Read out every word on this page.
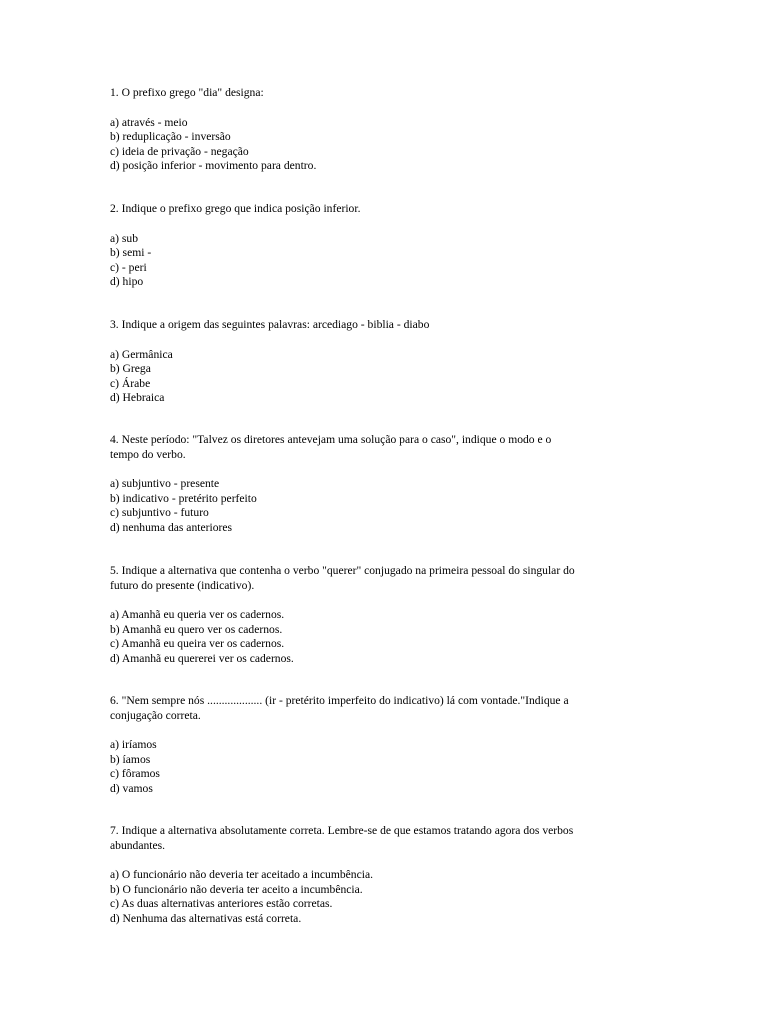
1. O prefixo grego "dia" designa:

a) através - meio
b) reduplicação - inversão
c) ideia de privação - negação
d) posição inferior - movimento para dentro.

2. Indique o prefixo grego que indica posição inferior.

a) sub
b) semi -
c) - peri
d) hipo

3. Indique a origem das seguintes palavras: arcediago - biblia - diabo

a) Germânica
b) Grega
c) Árabe
d) Hebraica

4. Neste período: "Talvez os diretores antevejam uma solução para o caso", indique o modo e o tempo do verbo.

a) subjuntivo - presente
b) indicativo - pretérito perfeito
c) subjuntivo - futuro
d) nenhuma das anteriores

5. Indique a alternativa que contenha o verbo "querer" conjugado na primeira pessoal do singular do futuro do presente (indicativo).

a) Amanhã eu queria ver os cadernos.
b) Amanhã eu quero ver os cadernos.
c) Amanhã eu queira ver os cadernos.
d) Amanhã eu quererei ver os cadernos.

6. "Nem sempre nós ................... (ir - pretérito imperfeito do indicativo) lá com vontade."Indique a conjugação correta.

a) iríamos
b) íamos
c) fôramos
d) vamos

7. Indique a alternativa absolutamente correta. Lembre-se de que estamos tratando agora dos verbos abundantes.

a) O funcionário não deveria ter aceitado a incumbência.
b) O funcionário não deveria ter aceito a incumbência.
c) As duas alternativas anteriores estão corretas.
d) Nenhuma das alternativas está correta.
